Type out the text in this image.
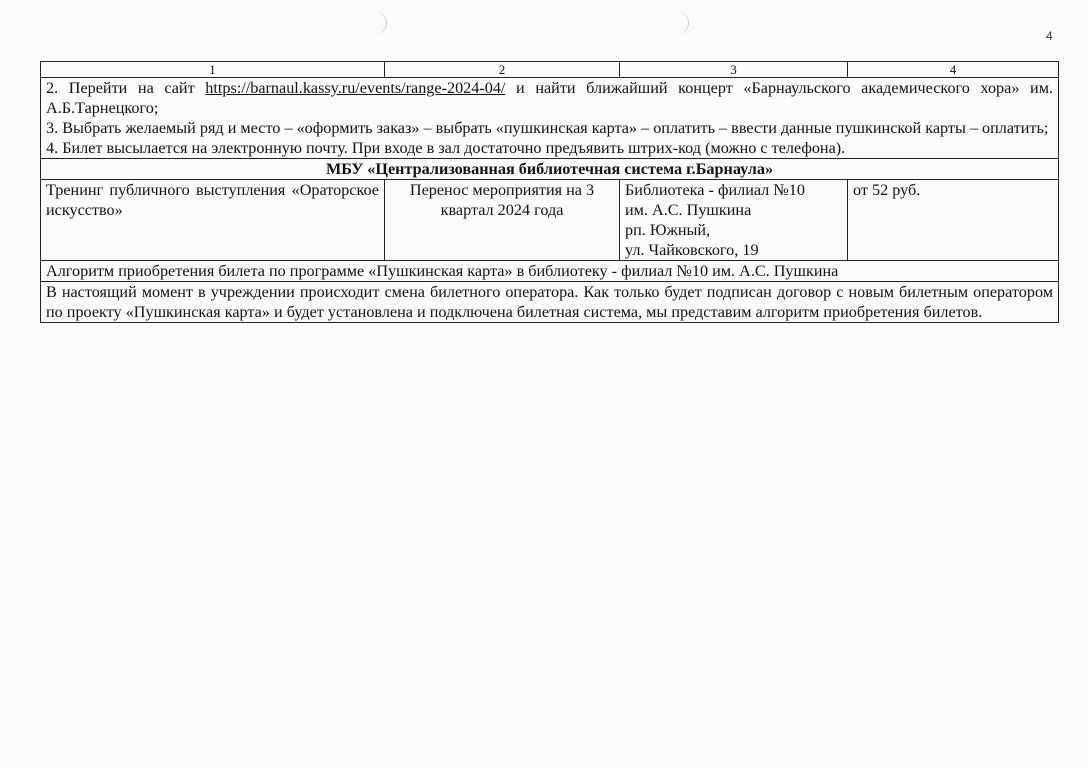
4
1	2	3	4

2. Перейти на сайт https://barnaul.kassy.ru/events/range-2024-04/ и найти ближайший концерт «Барнаульского академического хора» им. А.Б.Тарнецкого;
3. Выбрать желаемый ряд и место – «оформить заказ» – выбрать «пушкинская карта» – оплатить – ввести данные пушкинской карты – оплатить;
4. Билет высылается на электронную почту. При входе в зал достаточно предъявить штрих-код (можно с телефона).			

МБУ «Централизованная библиотечная система г.Барнаула»			
Тренинг публичного выступления «Ораторское искусство»	Перенос мероприятия на 3 квартал 2024 года	Библиотека - филиал №10
им. А.С. Пушкина
рп. Южный,
ул. Чайковского, 19	от 52 руб.
Алгоритм приобретения билета по программе «Пушкинская карта» в библиотеку - филиал №10 им. А.С. Пушкина			
В настоящий момент в учреждении происходит смена билетного оператора. Как только будет подписан договор с новым билетным оператором по проекту «Пушкинская карта» и будет установлена и подключена билетная система, мы представим алгоритм приобретения билетов.			
